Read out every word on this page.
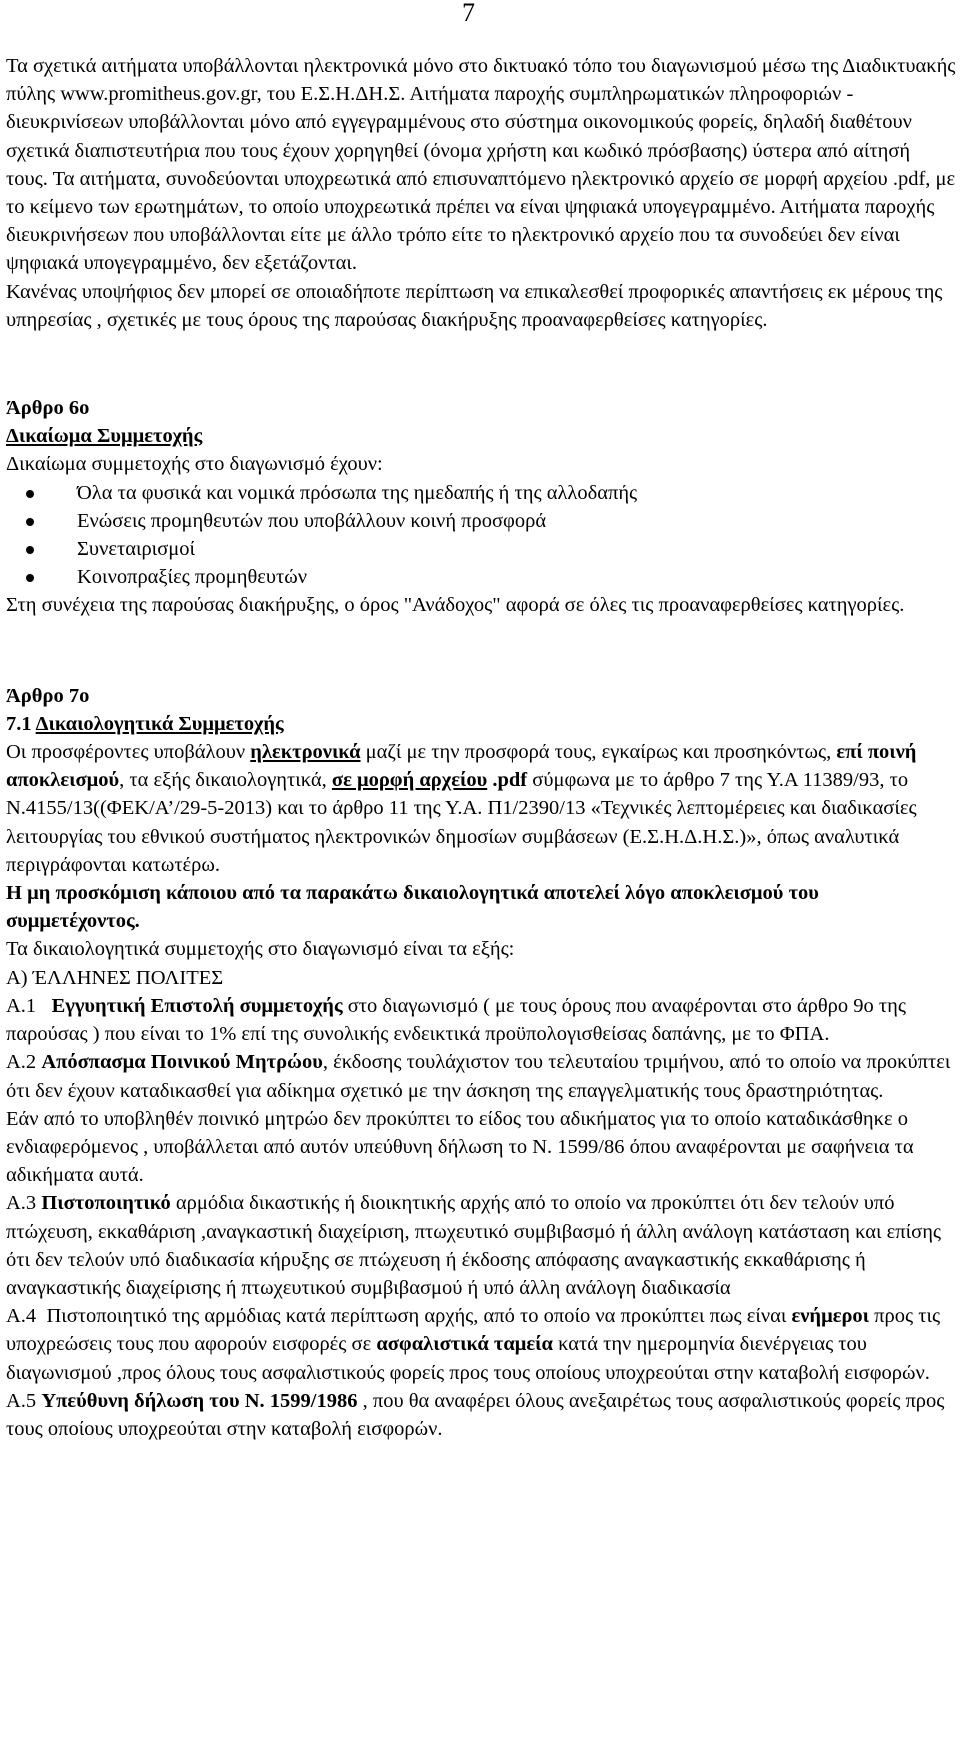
7

Τα σχετικά αιτήματα υποβάλλονται ηλεκτρονικά μόνο στο δικτυακό τόπο του διαγωνισμού μέσω της Διαδικτυακής πύλης www.promitheus.gov.gr, του Ε.Σ.Η.ΔΗ.Σ. Αιτήματα παροχής συμπληρωματικών πληροφοριών - διευκρινίσεων υποβάλλονται μόνο από εγγεγραμμένους στο σύστημα οικονομικούς φορείς, δηλαδή διαθέτουν σχετικά διαπιστευτήρια που τους έχουν χορηγηθεί (όνομα χρήστη και κωδικό πρόσβασης) ύστερα από αίτησή τους. Τα αιτήματα, συνοδεύονται υποχρεωτικά από επισυναπτόμενο ηλεκτρονικό αρχείο σε μορφή αρχείου .pdf, με το κείμενο των ερωτημάτων, το οποίο υποχρεωτικά πρέπει να είναι ψηφιακά υπογεγραμμένο. Αιτήματα παροχής διευκρινήσεων που υποβάλλονται είτε με άλλο τρόπο είτε το ηλεκτρονικό αρχείο που τα συνοδεύει δεν είναι ψηφιακά υπογεγραμμένο, δεν εξετάζονται.

Κανένας υποψήφιος δεν μπορεί σε οποιαδήποτε περίπτωση να επικαλεσθεί προφορικές απαντήσεις εκ μέρους της υπηρεσίας , σχετικές με τους όρους της παρούσας διακήρυξης προαναφερθείσες κατηγορίες.

Άρθρο 6ο

Δικαίωμα Συμμετοχής

Δικαίωμα συμμετοχής στο διαγωνισμό έχουν:

Όλα τα φυσικά και νομικά πρόσωπα της ημεδαπής ή της αλλοδαπής
Ενώσεις προμηθευτών που υποβάλλουν κοινή προσφορά
Συνεταιρισμοί
Κοινοπραξίες προμηθευτών

Στη συνέχεια της παρούσας διακήρυξης, ο όρος "Ανάδοχος" αφορά σε όλες τις προαναφερθείσες κατηγορίες.

Άρθρο 7ο

7.1 Δικαιολογητικά Συμμετοχής

Οι προσφέροντες υποβάλουν ηλεκτρονικά μαζί με την προσφορά τους, εγκαίρως και προσηκόντως, επί ποινή αποκλεισμού, τα εξής δικαιολογητικά, σε μορφή αρχείου .pdf σύμφωνα με το άρθρο 7 της Υ.Α 11389/93, το Ν.4155/13((ΦΕΚ/Α’/29-5-2013) και το άρθρο 11 της Υ.Α. Π1/2390/13 «Τεχνικές λεπτομέρειες και διαδικασίες λειτουργίας του εθνικού συστήματος ηλεκτρονικών δημοσίων συμβάσεων (Ε.Σ.Η.Δ.Η.Σ.)», όπως αναλυτικά περιγράφονται κατωτέρω.

Η μη προσκόμιση κάποιου από τα παρακάτω δικαιολογητικά αποτελεί λόγο αποκλεισμού του συμμετέχοντος.

Τα δικαιολογητικά συμμετοχής στο διαγωνισμό είναι τα εξής:

Α) ΈΛΛΗΝΕΣ ΠΟΛΙΤΕΣ

Α.1   Εγγυητική Επιστολή συμμετοχής στο διαγωνισμό ( με τους όρους που αναφέρονται στο άρθρο 9ο της παρούσας ) που είναι το 1% επί της συνολικής ενδεικτικά προϋπολογισθείσας δαπάνης, με το ΦΠΑ.

Α.2 Απόσπασμα Ποινικού Μητρώου, έκδοσης τουλάχιστον του τελευταίου τριμήνου, από το οποίο να προκύπτει ότι δεν έχουν καταδικασθεί για αδίκημα σχετικό με την άσκηση της επαγγελματικής τους δραστηριότητας.

Εάν από το υποβληθέν ποινικό μητρώο δεν προκύπτει το είδος του αδικήματος για το οποίο καταδικάσθηκε ο ενδιαφερόμενος , υποβάλλεται από αυτόν υπεύθυνη δήλωση το Ν. 1599/86 όπου αναφέρονται με σαφήνεια τα αδικήματα αυτά.

Α.3 Πιστοποιητικό αρμόδια δικαστικής ή διοικητικής αρχής από το οποίο να προκύπτει ότι δεν τελούν υπό πτώχευση, εκκαθάριση ,αναγκαστική διαχείριση, πτωχευτικό συμβιβασμό ή άλλη ανάλογη κατάσταση και επίσης ότι δεν τελούν υπό διαδικασία κήρυξης σε πτώχευση ή έκδοσης απόφασης αναγκαστικής εκκαθάρισης ή αναγκαστικής διαχείρισης ή πτωχευτικού συμβιβασμού ή υπό άλλη ανάλογη διαδικασία

Α.4  Πιστοποιητικό της αρμόδιας κατά περίπτωση αρχής, από το οποίο να προκύπτει πως είναι ενήμεροι προς τις υποχρεώσεις τους που αφορούν εισφορές σε ασφαλιστικά ταμεία κατά την ημερομηνία διενέργειας του διαγωνισμού ,προς όλους τους ασφαλιστικούς φορείς προς τους οποίους υποχρεούται στην καταβολή εισφορών.

Α.5 Υπεύθυνη δήλωση του Ν. 1599/1986 , που θα αναφέρει όλους ανεξαιρέτως τους ασφαλιστικούς φορείς προς τους οποίους υποχρεούται στην καταβολή εισφορών.
